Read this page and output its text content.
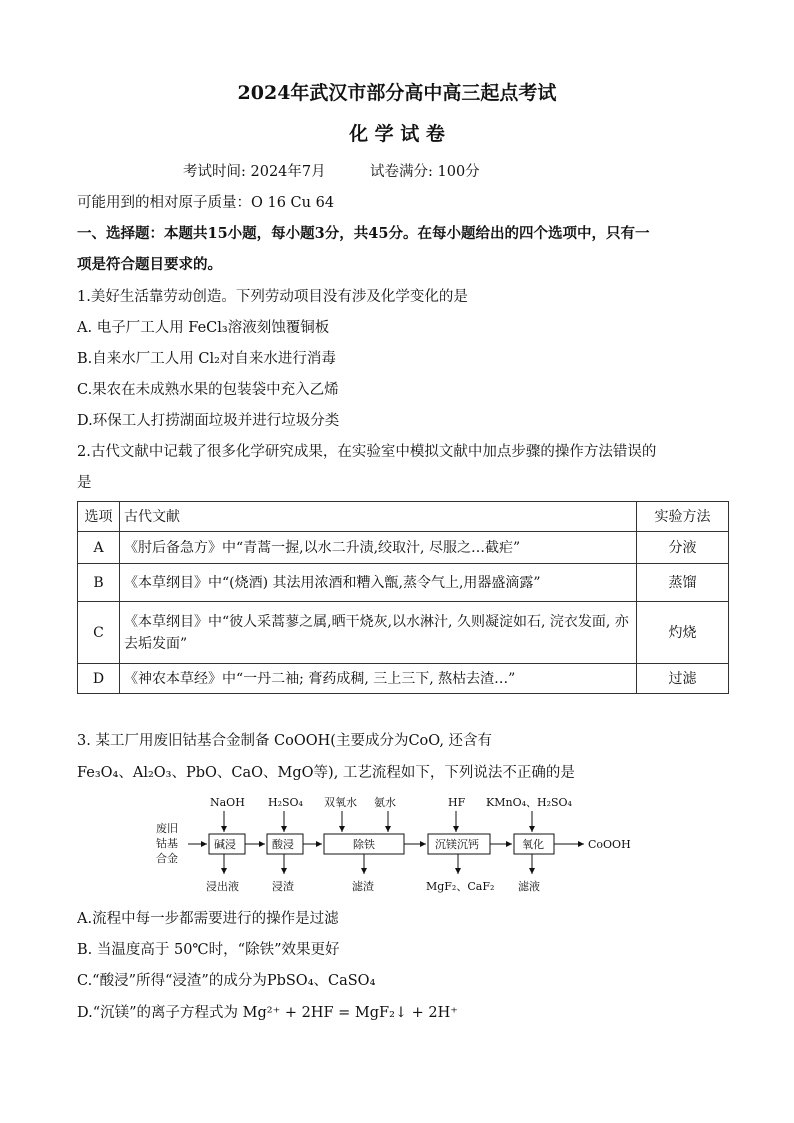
2024年武汉市部分高中高三起点考试
化 学 试 卷
考试时间: 2024年7月	试卷满分: 100分
可能用到的相对原子质量：O 16 Cu 64
一、选择题：本题共15小题，每小题3分，共45分。在每小题给出的四个选项中，只有一
项是符合题目要求的。
1.美好生活靠劳动创造。下列劳动项目没有涉及化学变化的是
A. 电子厂工人用 FeCl₃溶液刻蚀覆铜板
B.自来水厂工人用 Cl₂对自来水进行消毒
C.果农在未成熟水果的包装袋中充入乙烯
D.环保工人打捞湖面垃圾并进行垃圾分类
2.古代文献中记载了很多化学研究成果，在实验室中模拟文献中加点步骤的操作方法错误的
是
选项	古代文献	实验方法
A	《肘后备急方》中“青蒿一握,以水二升渍,绞取汁, 尽服之…截疟”	分液
B	《本草纲目》中“(烧酒) 其法用浓酒和糟入甑,蒸令气上,用器盛滴露”	蒸馏
C	《本草纲目》中“彼人采蒿蓼之属,晒干烧灰,以水淋汁, 久则凝淀如石, 浣衣发面, 亦去垢发面”	灼烧
D	《神农本草经》中“一丹二袖; 膏药成稠, 三上三下, 熬枯去渣…”	过滤
3. 某工厂用废旧钴基合金制备 CoOOH(主要成分为CoO, 还含有
Fe₃O₄、Al₂O₃、PbO、CaO、MgO等), 工艺流程如下，下列说法不正确的是
废旧
钴基
合金
NaOH H₂SO₄ 双氧水 氨水	HF KMnO₄、H₂SO₄
碱浸	酸浸	除铁	沉镁沉钙	氧化	CoOOH
浸出液	浸渣	滤渣	MgF₂、CaF₂ 滤液
A.流程中每一步都需要进行的操作是过滤
B. 当温度高于 50℃时，“除铁”效果更好
C.“酸浸”所得“浸渣”的成分为PbSO₄、CaSO₄
D.“沉镁”的离子方程式为 Mg²⁺ + 2HF = MgF₂↓ + 2H⁺
